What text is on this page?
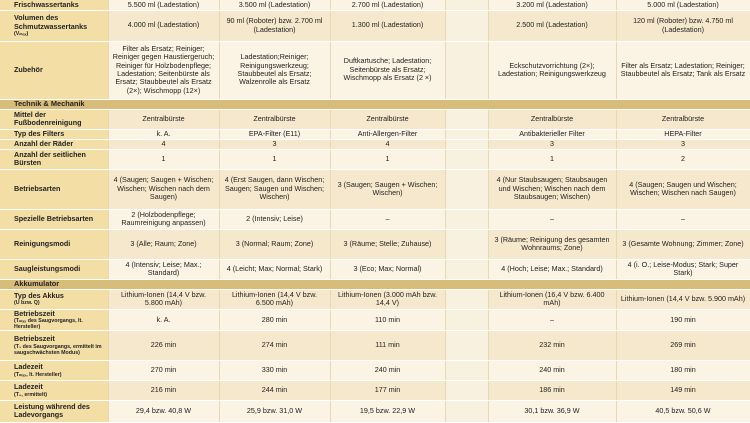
Frischwassertanks	5.500 ml (Ladestation)	3.500 ml (Ladestation)	2.700 ml (Ladestation)		3.200 ml (Ladestation)	5.000 ml (Ladestation)
Volumen des Schmutzwassertanks
(Vₘₐₓ)	4.000 ml (Ladestation)	90 ml (Roboter) bzw. 2.700 ml (Ladestation)	1.300 ml (Ladestation)		2.500 ml (Ladestation)	120 ml (Roboter) bzw. 4.750 ml (Ladestation)
Zubehör	Filter als Ersatz; Reiniger; Reiniger gegen Haustiergeruch; Reiniger für Holzbodenpflege; Ladestation; Seitenbürste als Ersatz; Staubbeutel als Ersatz (2×); Wischmopp (12×)	Ladestation;Reiniger; Reinigungswerkzeug; Staubbeutel als Ersatz; Walzenrolle als Ersatz	Duftkartusche; Ladestation; Seitenbürste als Ersatz; Wischmopp als Ersatz (2 ×)		Eckschutzvorrichtung (2×); Ladestation; Reinigungswerkzeug	Filter als Ersatz; Ladestation; Reiniger; Staubbeutel als Ersatz; Tank als Ersatz
Technik & Mechanik						
Mittel der Fußbodenreinigung	Zentralbürste	Zentralbürste	Zentralbürste		Zentralbürste	Zentralbürste
Typ des Filters	k. A.	EPA-Filter (E11)	Anti-Allergen-Filter		Antibakterieller Filter	HEPA-Filter
Anzahl der Räder	4	3	4		3	3
Anzahl der seitlichen Bürsten	1	1	1		1	2
Betriebsarten	4 (Saugen; Saugen + Wischen; Wischen; Wischen nach dem Saugen)	4 (Erst Saugen, dann Wischen; Saugen; Saugen und Wischen; Wischen)	3 (Saugen; Saugen + Wischen; Wischen)		4 (Nur Staubsaugen; Staubsaugen und Wischen; Wischen nach dem Staubsaugen; Wischen)	4 (Saugen; Saugen und Wischen; Wischen; Wischen nach Saugen)
Spezielle Betriebsarten	2 (Holzbodenpflege; Raumreinigung anpassen)	2 (Intensiv; Leise)	–		–	–
Reinigungsmodi	3 (Alle; Raum; Zone)	3 (Normal; Raum; Zone)	3 (Räume; Stelle; Zuhause)		3 (Räume; Reinigung des gesamten Wohnraums; Zone)	3 (Gesamte Wohnung; Zimmer; Zone)
Saugleistungsmodi	4 (Intensiv; Leise; Max.; Standard)	4 (Leicht; Max; Normal; Stark)	3 (Eco; Max; Normal)		4 (Hoch; Leise; Max.; Standard)	4 (i. O.; Leise-Modus; Stark; Super Stark)
Akkumulator						
Typ des Akkus
(U bzw. Q)	Lithium-Ionen (14,4 V bzw. 5.800 mAh)	Lithium-Ionen (14,4 V bzw. 6.500 mAh)	Lithium-Ionen (3.000 mAh bzw. 14,4 V)		Lithium-Ionen (16,4 V bzw. 6.400 mAh)	Lithium-Ionen (14,4 V bzw. 5.900 mAh)
Betriebszeit
(Tₘₐₓ des Saugvorgangs, lt. Hersteller)	k. A.	280 min	110 min		–	190 min
Betriebszeit
(T₁ des Saugvorgangs, ermittelt im saugschwächsten Modus)	226 min	274 min	111 min		232 min	269 min
Ladezeit
(Tₘₐₓ, lt. Hersteller)	270 min	330 min	240 min		240 min	180 min
Ladezeit
(T₀, ermittelt)	216 min	244 min	177 min		186 min	149 min
Leistung während des Ladevorgangs	29,4 bzw. 40,8 W	25,9 bzw. 31,0 W	19,5 bzw. 22,9 W		30,1 bzw. 36,9 W	40,5 bzw. 50,6 W
